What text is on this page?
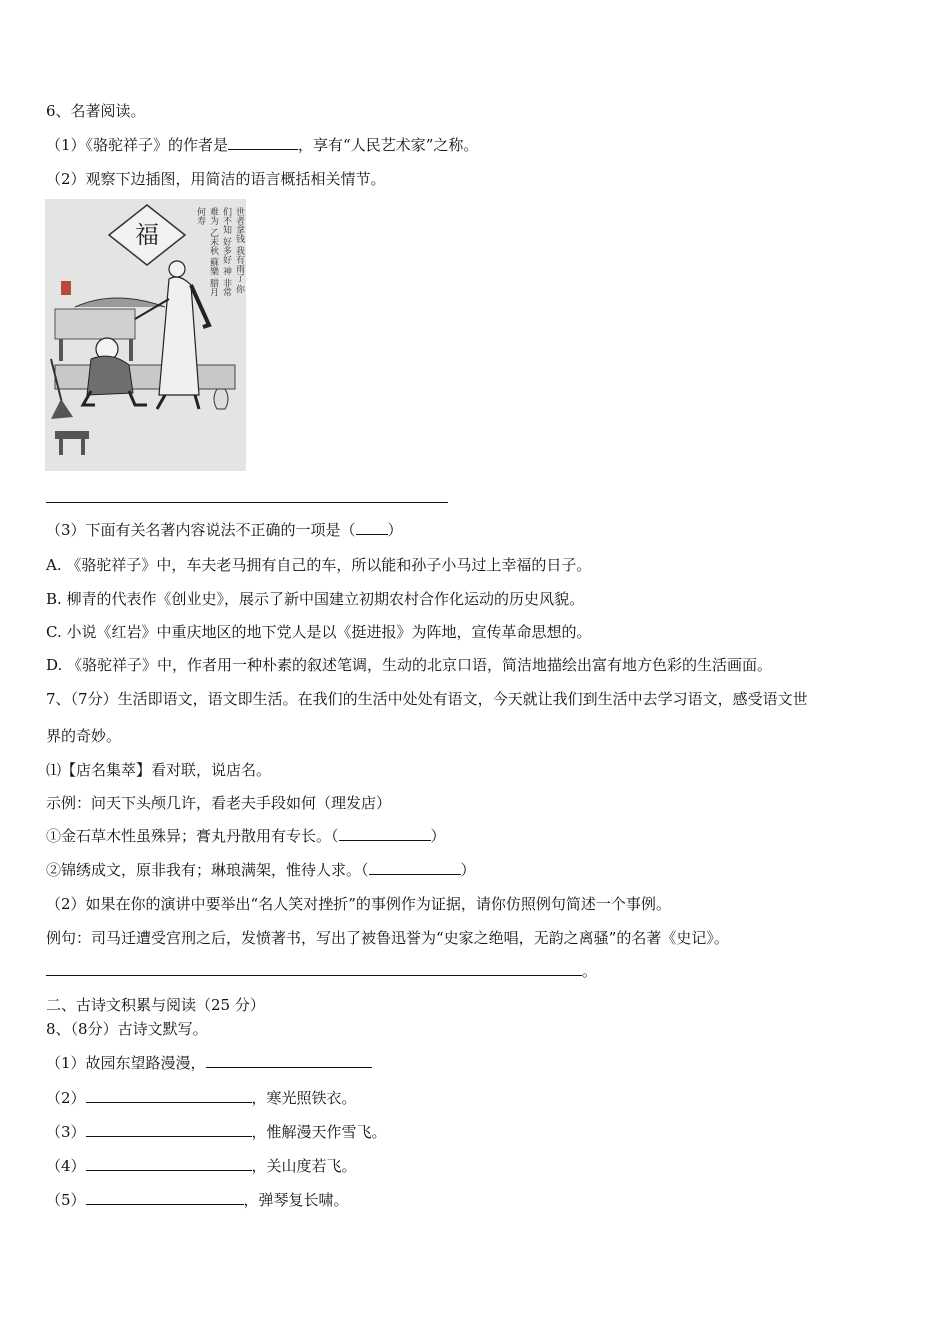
6、名著阅读。
（1）《骆驼祥子》的作者是	，享有“人民艺术家”之称。
（2）观察下边插图，用简洁的语言概括相关情节。
福	世者拿钱 我有雨了 你们不知 好多好 神 非常 难为 乙未秋 蘇樂 腊月 何寿
（3）下面有关名著内容说法不正确的一项是（ ）
A. 《骆驼祥子》中，车夫老马拥有自己的车，所以能和孙子小马过上幸福的日子。
B. 柳青的代表作《创业史》，展示了新中国建立初期农村合作化运动的历史风貌。
C. 小说《红岩》中重庆地区的地下党人是以《挺进报》为阵地，宣传革命思想的。
D. 《骆驼祥子》中，作者用一种朴素的叙述笔调，生动的北京口语，简洁地描绘出富有地方色彩的生活画面。
7、（7分）生活即语文，语文即生活。在我们的生活中处处有语文，今天就让我们到生活中去学习语文，感受语文世
界的奇妙。
⑴【店名集萃】看对联，说店名。
示例：问天下头颅几许，看老夫手段如何（理发店）
①金石草木性虽殊异；膏丸丹散用有专长。（	）
②锦绣成文，原非我有；琳琅满架，惟待人求。（	）
（2）如果在你的演讲中要举出“名人笑对挫折”的事例作为证据，请你仿照例句简述一个事例。
例句：司马迁遭受宫刑之后，发愤著书，写出了被鲁迅誉为“史家之绝唱，无韵之离骚”的名著《史记》。
。
二、古诗文积累与阅读（25 分）
8、（8分）古诗文默写。
（1）故园东望路漫漫，
（2）	，寒光照铁衣。
（3）	，惟解漫天作雪飞。
（4）	，关山度若飞。
（5）	，弹琴复长啸。
